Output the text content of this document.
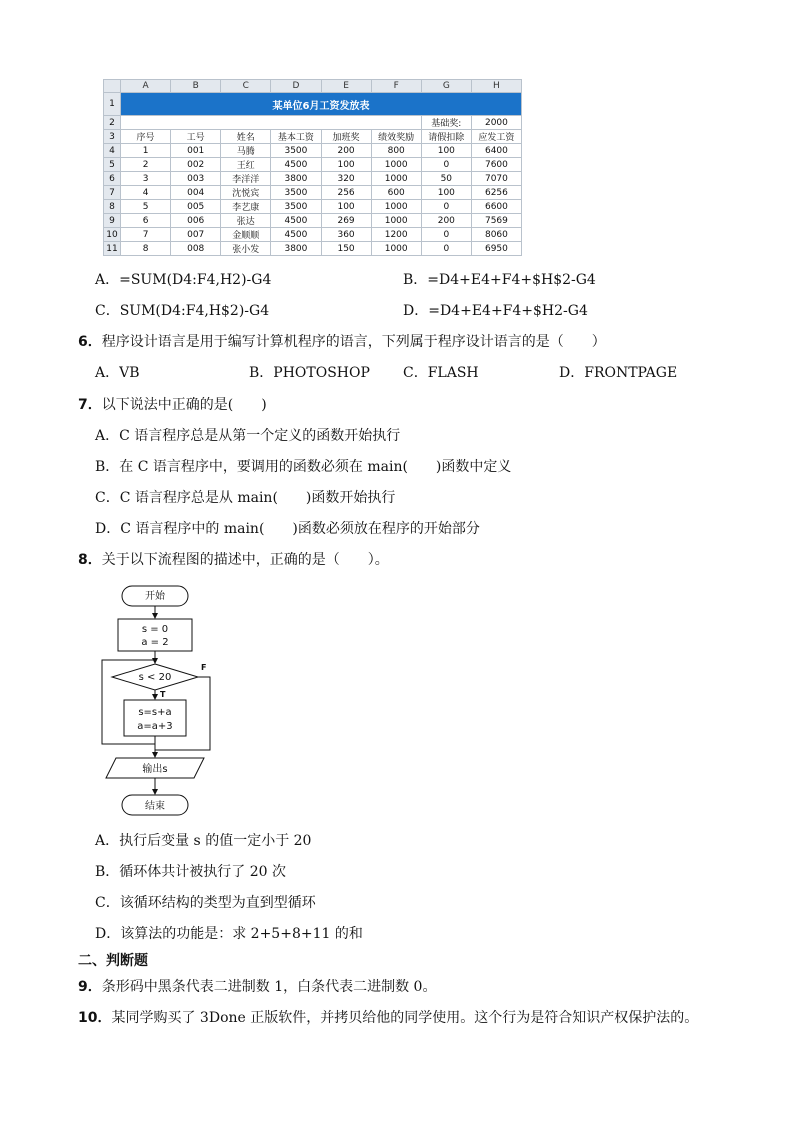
	A	B	C	D	E	F	G	H
1	某单位6月工资发放表							
2							基础奖:	2000
3	序号	工号	姓名	基本工资	加班奖	绩效奖励	请假扣除	应发工资
4	1	001	马腾	3500	200	800	100	6400
5	2	002	王红	4500	100	1000	0	7600
6	3	003	李洋洋	3800	320	1000	50	7070
7	4	004	沈悦宾	3500	256	600	100	6256
8	5	005	李艺康	3500	100	1000	0	6600
9	6	006	张达	4500	269	1000	200	7569
10	7	007	金顺顺	4500	360	1200	0	8060
11	8	008	张小发	3800	150	1000	0	6950
A．=SUM(D4:F4,H2)-G4	B．=D4+E4+F4+$H$2-G4
C．SUM(D4:F4,H$2)-G4	D．=D4+E4+F4+$H2-G4
6．程序设计语言是用于编写计算机程序的语言，下列属于程序设计语言的是（　　）
A．VB	B．PHOTOSHOP C．FLASH	D．FRONTPAGE
7．以下说法中正确的是(　　)
A．C 语言程序总是从第一个定义的函数开始执行
B．在 C 语言程序中，要调用的函数必须在 main(　　)函数中定义
C．C 语言程序总是从 main(　　)函数开始执行
D．C 语言程序中的 main(　　)函数必须放在程序的开始部分
8．关于以下流程图的描述中，正确的是（　　）。
开始
s = 0
a = 2
s < 20
T
F
s=s+a
a=a+3
输出s
结束
A．执行后变量 s 的值一定小于 20
B．循环体共计被执行了 20 次
C．该循环结构的类型为直到型循环
D．该算法的功能是：求 2+5+8+11 的和
二、判断题
9．条形码中黑条代表二进制数 1，白条代表二进制数 0。
10．某同学购买了 3Done 正版软件，并拷贝给他的同学使用。这个行为是符合知识产权保护法的。
